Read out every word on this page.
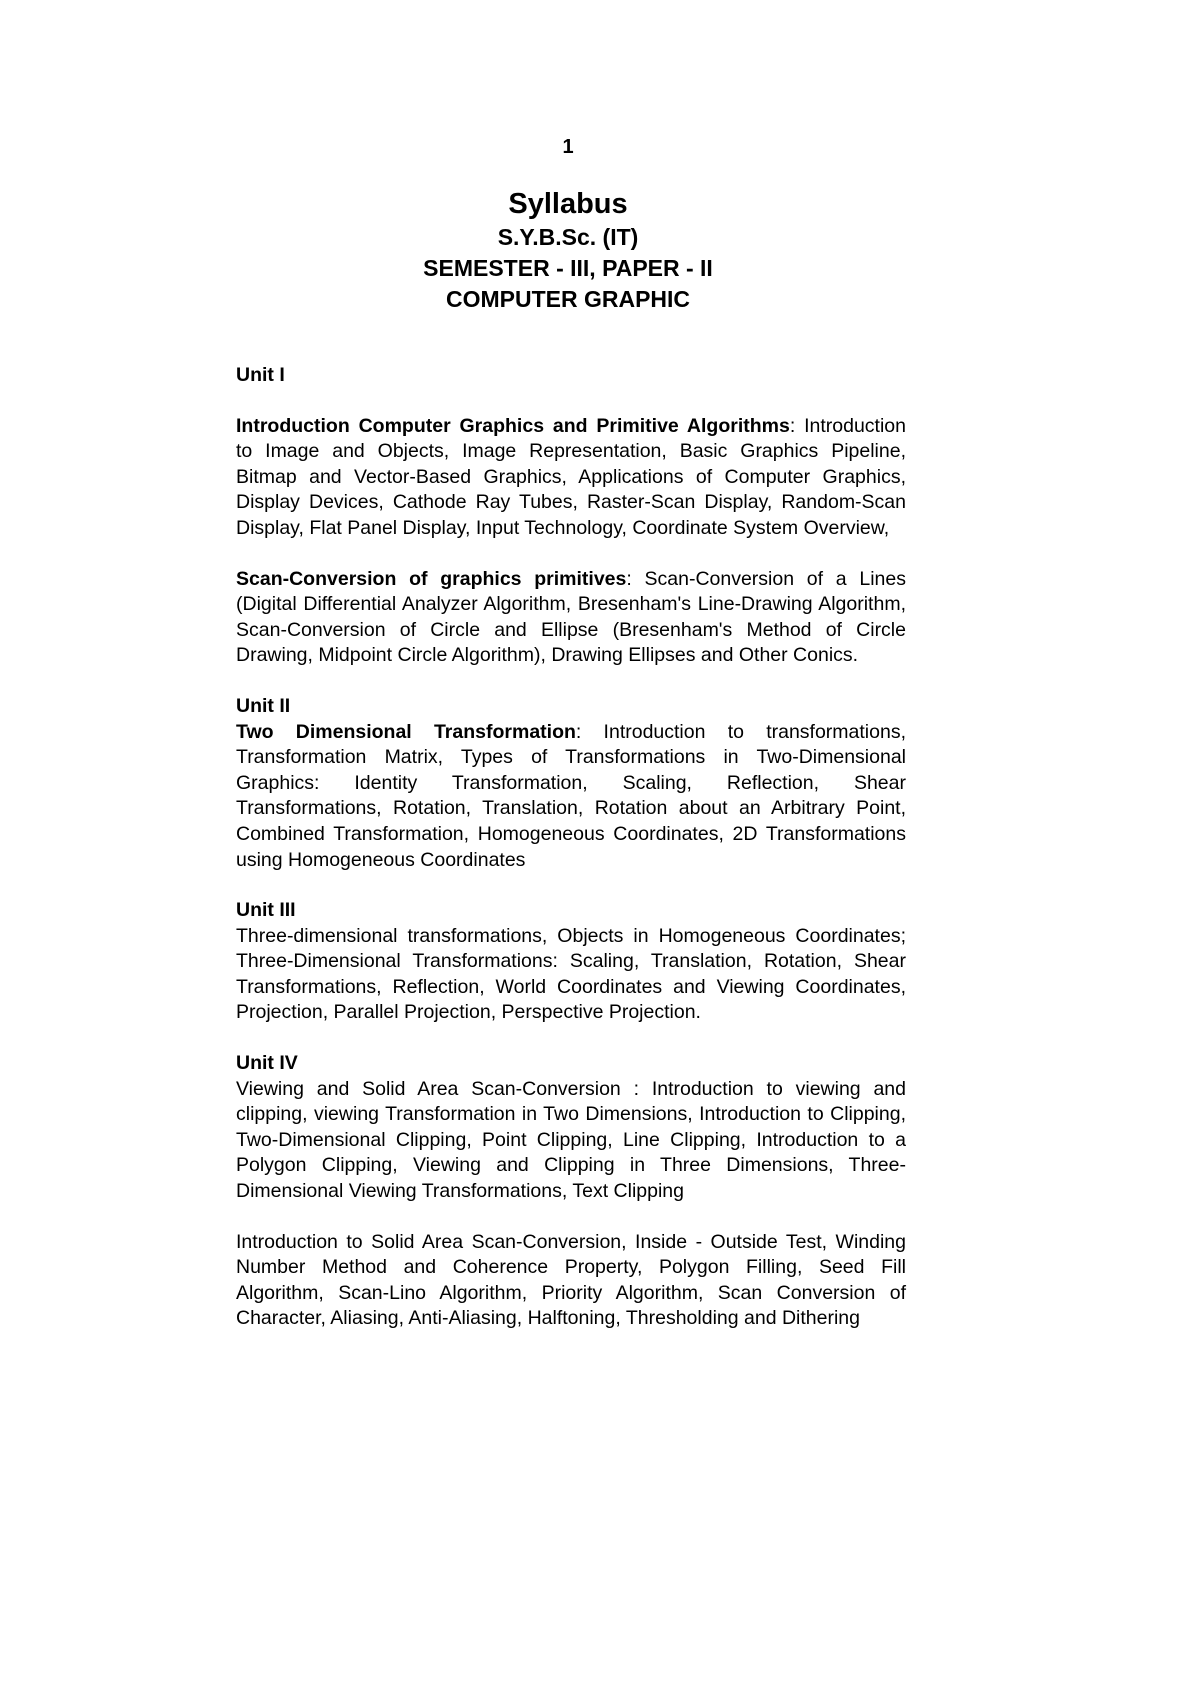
1

Syllabus

S.Y.B.Sc. (IT)

SEMESTER - III, PAPER - II

COMPUTER GRAPHIC

Unit I

Introduction Computer Graphics and Primitive Algorithms: Introduction to Image and Objects, Image Representation, Basic Graphics Pipeline, Bitmap and Vector-Based Graphics, Applications of Computer Graphics, Display Devices, Cathode Ray Tubes, Raster-Scan Display, Random-Scan Display, Flat Panel Display, Input Technology, Coordinate System Overview,

Scan-Conversion of graphics primitives: Scan-Conversion of a Lines (Digital Differential Analyzer Algorithm, Bresenham's Line-Drawing Algorithm, Scan-Conversion of Circle and Ellipse (Bresenham's Method of Circle Drawing, Midpoint Circle Algorithm), Drawing Ellipses and Other Conics.

Unit II

Two Dimensional Transformation: Introduction to transformations, Transformation Matrix, Types of Transformations in Two-Dimensional Graphics: Identity Transformation, Scaling, Reflection, Shear Transformations, Rotation, Translation, Rotation about an Arbitrary Point, Combined Transformation, Homogeneous Coordinates, 2D Transformations using Homogeneous Coordinates

Unit III

Three-dimensional transformations, Objects in Homogeneous Coordinates; Three-Dimensional Transformations: Scaling, Translation, Rotation, Shear Transformations, Reflection, World Coordinates and Viewing Coordinates, Projection, Parallel Projection, Perspective Projection.

Unit IV

Viewing and Solid Area Scan-Conversion : Introduction to viewing and clipping, viewing Transformation in Two Dimensions, Introduction to Clipping, Two-Dimensional Clipping, Point Clipping, Line Clipping, Introduction to a Polygon Clipping, Viewing and Clipping in Three Dimensions, Three-Dimensional Viewing Transformations, Text Clipping

Introduction to Solid Area Scan-Conversion, Inside - Outside Test, Winding Number Method and Coherence Property, Polygon Filling, Seed Fill Algorithm, Scan-Lino Algorithm, Priority Algorithm, Scan Conversion of Character, Aliasing, Anti-Aliasing, Halftoning, Thresholding and Dithering
